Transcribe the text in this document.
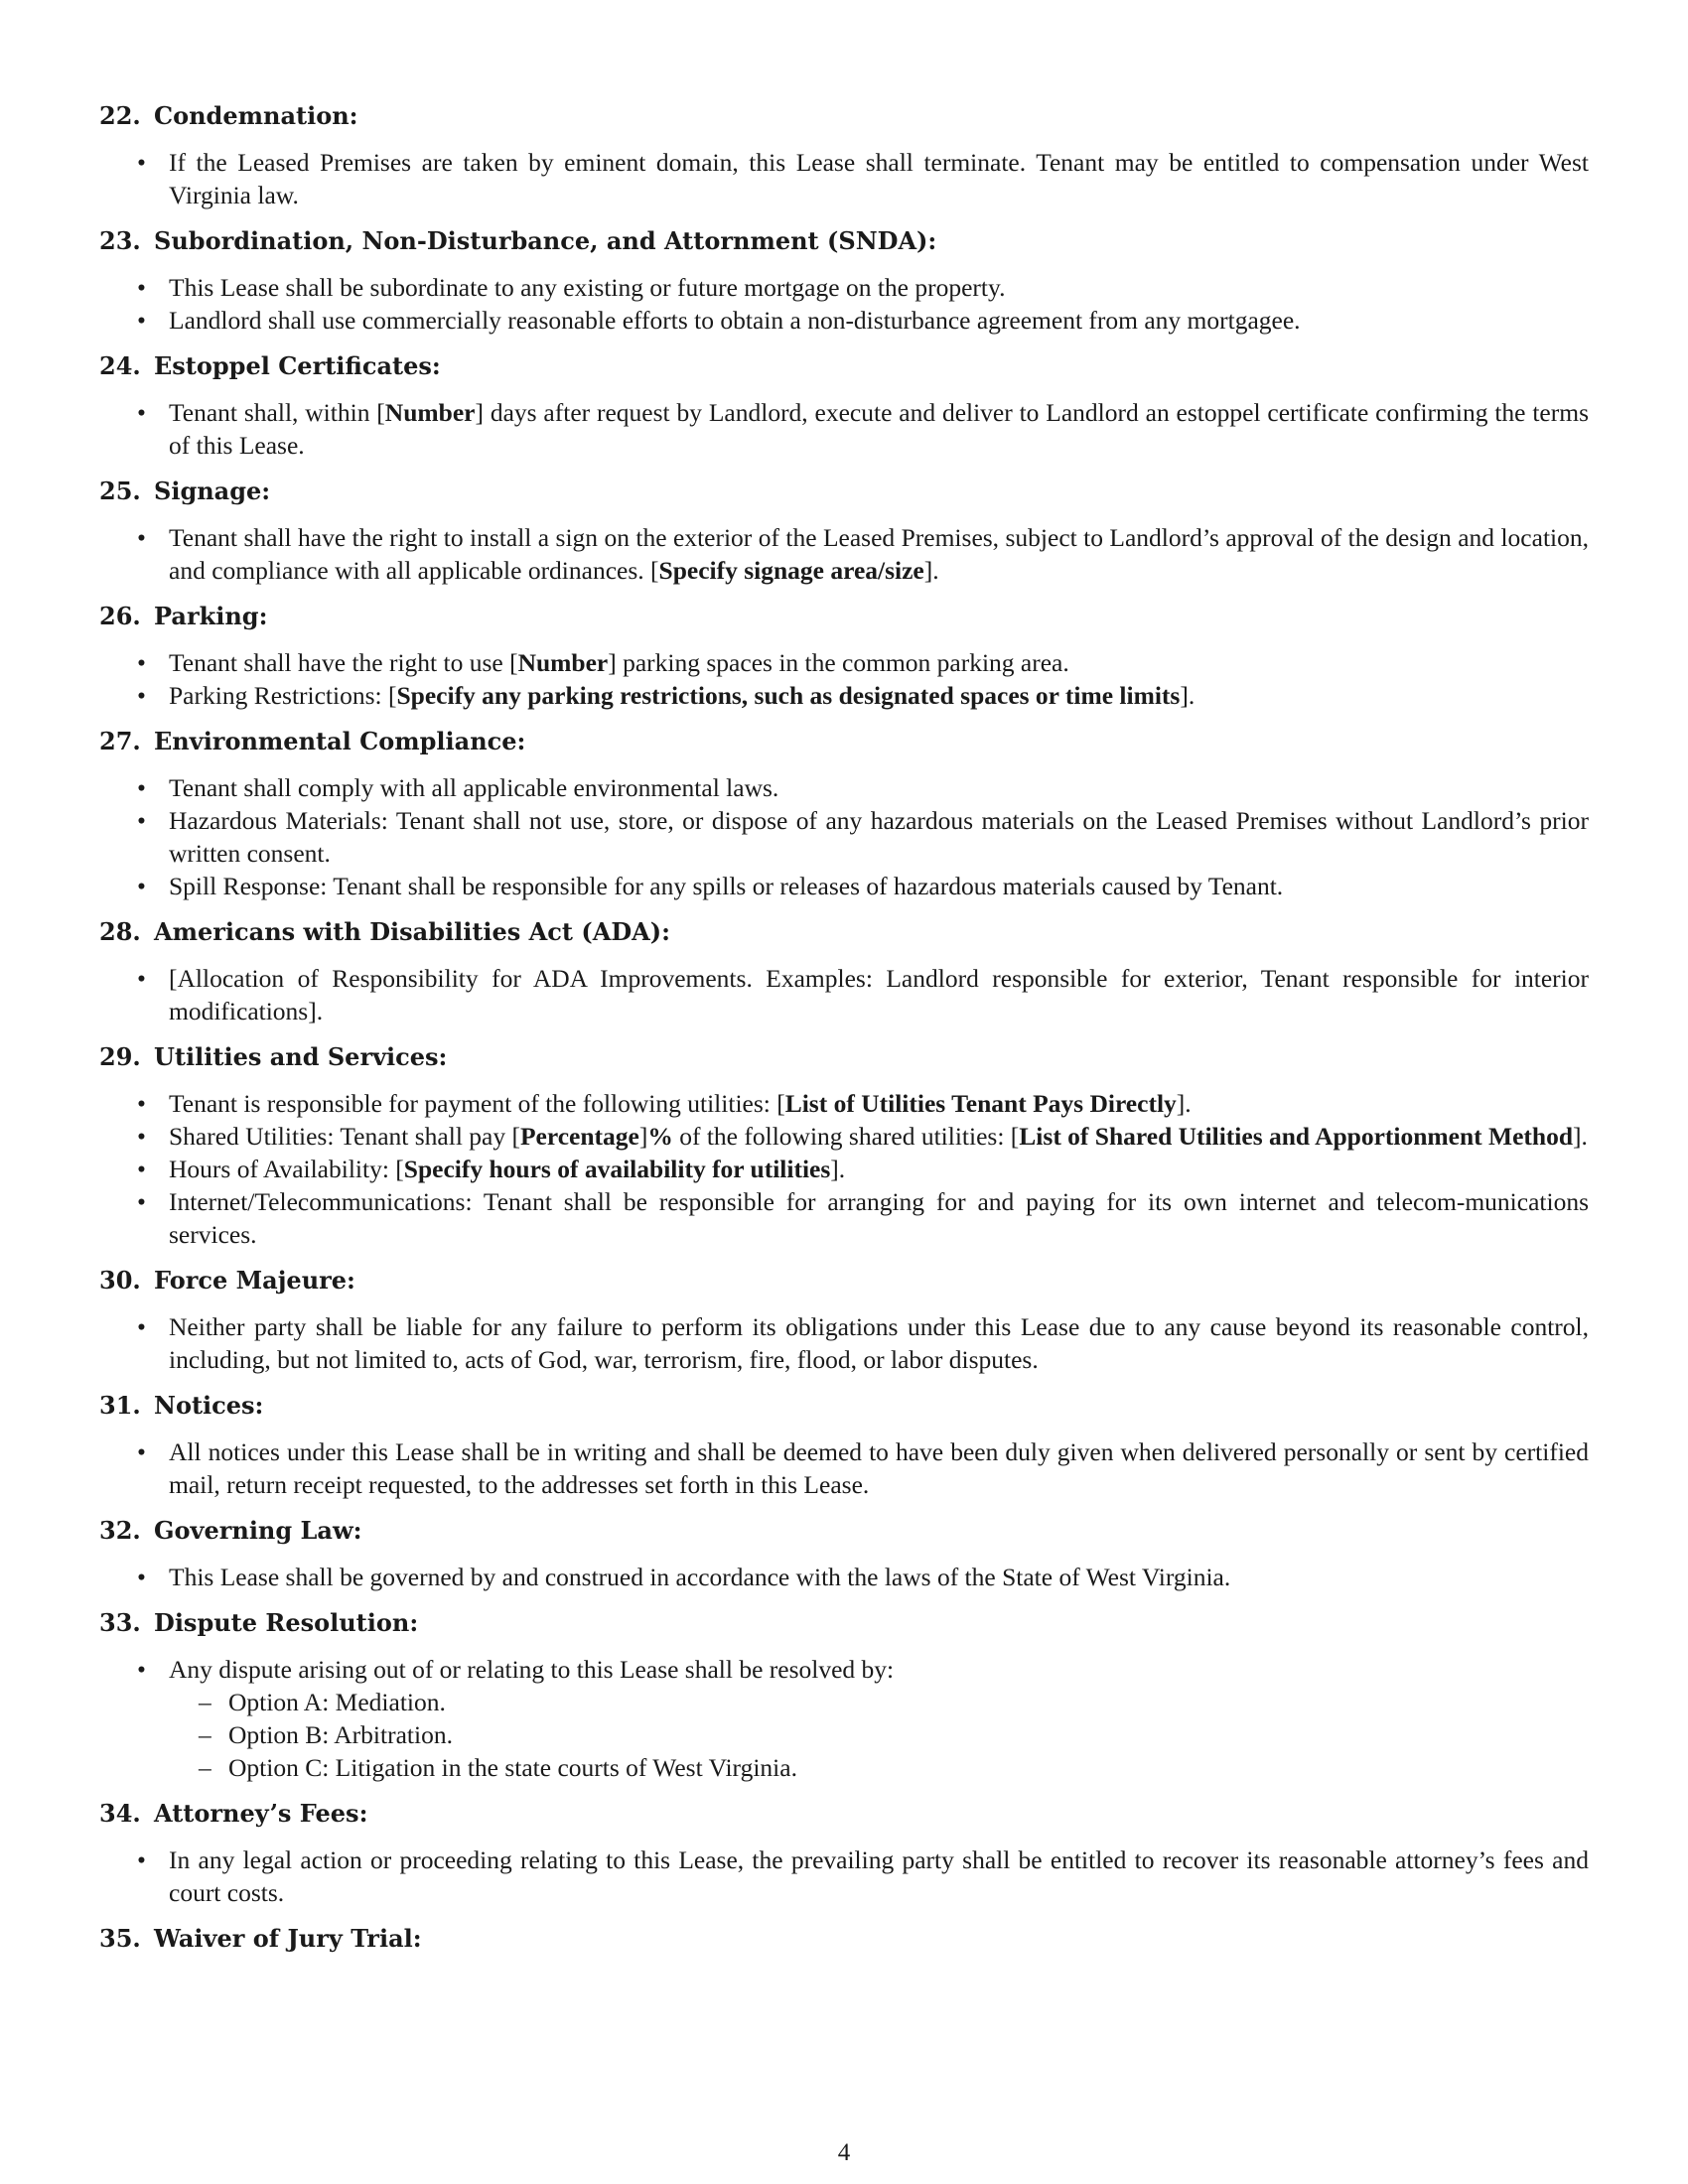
22. Condemnation:
• If the Leased Premises are taken by eminent domain, this Lease shall terminate. Tenant may be entitled to compensation under West Virginia law.
23. Subordination, Non-Disturbance, and Attornment (SNDA):
• This Lease shall be subordinate to any existing or future mortgage on the property.
• Landlord shall use commercially reasonable efforts to obtain a non-disturbance agreement from any mortgagee.
24. Estoppel Certificates:
• Tenant shall, within [Number] days after request by Landlord, execute and deliver to Landlord an estoppel certificate confirming the terms of this Lease.
25. Signage:
• Tenant shall have the right to install a sign on the exterior of the Leased Premises, subject to Landlord’s approval of the design and location, and compliance with all applicable ordinances. [Specify signage area/size].
26. Parking:
• Tenant shall have the right to use [Number] parking spaces in the common parking area.
• Parking Restrictions: [Specify any parking restrictions, such as designated spaces or time limits].
27. Environmental Compliance:
• Tenant shall comply with all applicable environmental laws.
• Hazardous Materials: Tenant shall not use, store, or dispose of any hazardous materials on the Leased Premises without Landlord’s prior written consent.
• Spill Response: Tenant shall be responsible for any spills or releases of hazardous materials caused by Tenant.
28. Americans with Disabilities Act (ADA):
• [Allocation of Responsibility for ADA Improvements. Examples: Landlord responsible for exterior, Tenant responsible for interior modifications].
29. Utilities and Services:
• Tenant is responsible for payment of the following utilities: [List of Utilities Tenant Pays Directly].
• Shared Utilities: Tenant shall pay [Percentage]% of the following shared utilities: [List of Shared Utilities and Apportionment Method].
• Hours of Availability: [Specify hours of availability for utilities].
• Internet/Telecommunications: Tenant shall be responsible for arranging for and paying for its own internet and telecom-munications services.
30. Force Majeure:
• Neither party shall be liable for any failure to perform its obligations under this Lease due to any cause beyond its reasonable control, including, but not limited to, acts of God, war, terrorism, fire, flood, or labor disputes.
31. Notices:
• All notices under this Lease shall be in writing and shall be deemed to have been duly given when delivered personally or sent by certified mail, return receipt requested, to the addresses set forth in this Lease.
32. Governing Law:
• This Lease shall be governed by and construed in accordance with the laws of the State of West Virginia.
33. Dispute Resolution:
• Any dispute arising out of or relating to this Lease shall be resolved by:
– Option A: Mediation.
– Option B: Arbitration.
– Option C: Litigation in the state courts of West Virginia.
34. Attorney’s Fees:
• In any legal action or proceeding relating to this Lease, the prevailing party shall be entitled to recover its reasonable attorney’s fees and court costs.
35. Waiver of Jury Trial:
4
